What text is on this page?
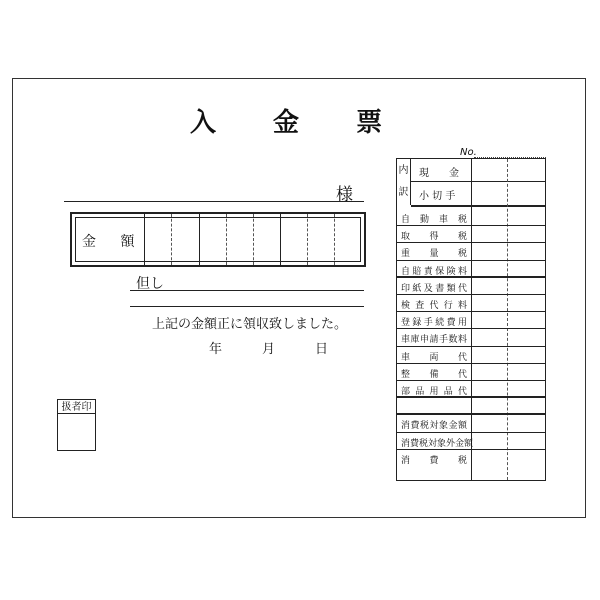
入 金 票
様
金 額
但し
上記の金額正に領収致しました。
年	月	日
扱者印
No.
内
訳
現　　金
小 切 手
自動車税
取得税
重量税
自賠責保険料
印紙及書類代
検査代行料
登録手続費用
車庫申請手数料
車両代
整備代
部品用品代
消費税対象金額
消費税対象外金額
消費税
